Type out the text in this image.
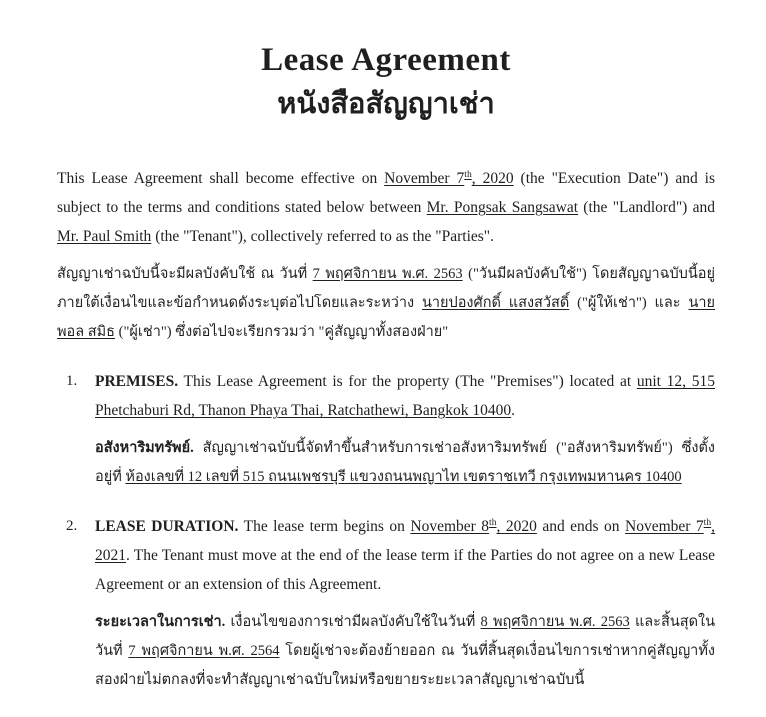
Lease Agreement
หนังสือสัญญาเช่า

This Lease Agreement shall become effective on November 7th, 2020 (the "Execution Date") and is subject to the terms and conditions stated below between Mr. Pongsak Sangsawat (the "Landlord") and Mr. Paul Smith (the "Tenant"), collectively referred to as the "Parties".

สัญญาเช่าฉบับนี้จะมีผลบังคับใช้ ณ วันที่ 7 พฤศจิกายน พ.ศ. 2563 ("วันมีผลบังคับใช้") โดยสัญญาฉบับนี้อยู่ภายใต้เงื่อนไขและข้อกำหนดดังระบุต่อไปโดยและระหว่าง นายปองศักดิ์ แสงสวัสดิ์ ("ผู้ให้เช่า") และ นายพอล สมิธ ("ผู้เช่า") ซึ่งต่อไปจะเรียกรวมว่า "คู่สัญญาทั้งสองฝ่าย"

1.	PREMISES. This Lease Agreement is for the property (The "Premises") located at unit 12, 515 Phetchaburi Rd, Thanon Phaya Thai, Ratchathewi, Bangkok 10400.

อสังหาริมทรัพย์. สัญญาเช่าฉบับนี้จัดทำขึ้นสำหรับการเช่าอสังหาริมทรัพย์ ("อสังหาริมทรัพย์") ซึ่งตั้งอยู่ที่ ห้องเลขที่ 12 เลขที่ 515 ถนนเพชรบุรี แขวงถนนพญาไท เขตราชเทวี กรุงเทพมหานคร 10400

2.	LEASE DURATION. The lease term begins on November 8th, 2020 and ends on November 7th, 2021. The Tenant must move at the end of the lease term if the Parties do not agree on a new Lease Agreement or an extension of this Agreement.

ระยะเวลาในการเช่า. เงื่อนไขของการเช่ามีผลบังคับใช้ในวันที่ 8 พฤศจิกายน พ.ศ. 2563 และสิ้นสุดในวันที่ 7 พฤศจิกายน พ.ศ. 2564 โดยผู้เช่าจะต้องย้ายออก ณ วันที่สิ้นสุดเงื่อนไขการเช่าหากคู่สัญญาทั้งสองฝ่ายไม่ตกลงที่จะทำสัญญาเช่าฉบับใหม่หรือขยายระยะเวลาสัญญาเช่าฉบับนี้
